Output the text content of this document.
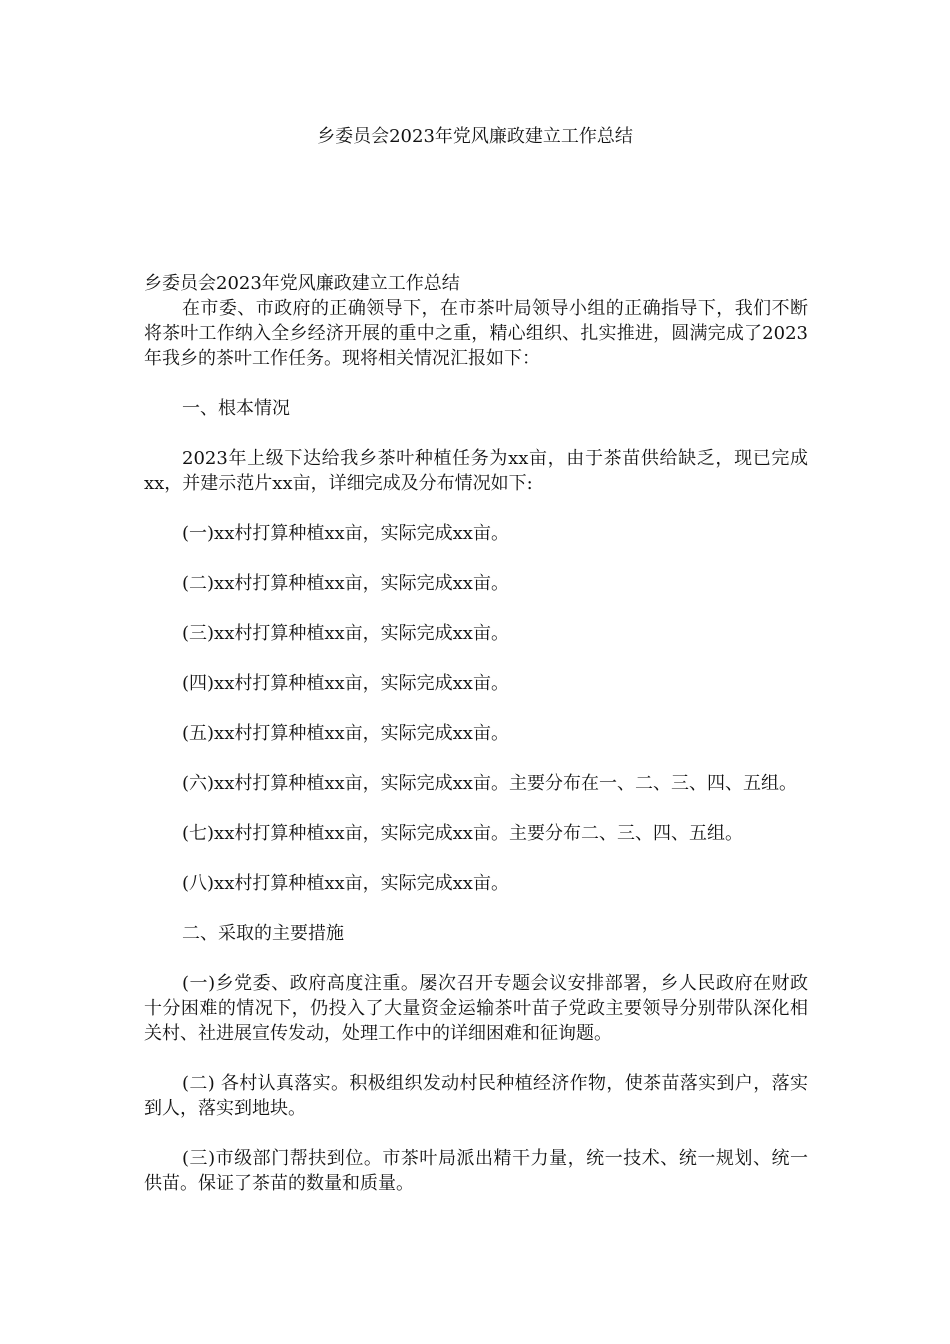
乡委员会2023年党风廉政建立工作总结

乡委员会2023年党风廉政建立工作总结

在市委、市政府的正确领导下，在市茶叶局领导小组的正确指导下，我们不断将茶叶工作纳入全乡经济开展的重中之重，精心组织、扎实推进，圆满完成了2023年我乡的茶叶工作任务。现将相关情况汇报如下：

一、根本情况

2023年上级下达给我乡茶叶种植任务为xx亩，由于茶苗供给缺乏，现已完成xx，并建示范片xx亩，详细完成及分布情况如下:

(一)xx村打算种植xx亩，实际完成xx亩。

(二)xx村打算种植xx亩，实际完成xx亩。

(三)xx村打算种植xx亩，实际完成xx亩。

(四)xx村打算种植xx亩，实际完成xx亩。

(五)xx村打算种植xx亩，实际完成xx亩。

(六)xx村打算种植xx亩，实际完成xx亩。主要分布在一、二、三、四、五组。

(七)xx村打算种植xx亩，实际完成xx亩。主要分布二、三、四、五组。

(八)xx村打算种植xx亩，实际完成xx亩。

二、采取的主要措施

(一)乡党委、政府高度注重。屡次召开专题会议安排部署，乡人民政府在财政十分困难的情况下，仍投入了大量资金运输茶叶苗子党政主要领导分别带队深化相关村、社进展宣传发动，处理工作中的详细困难和征询题。

(二) 各村认真落实。积极组织发动村民种植经济作物，使茶苗落实到户，落实到人，落实到地块。

(三)市级部门帮扶到位。市茶叶局派出精干力量，统一技术、统一规划、统一供苗。保证了茶苗的数量和质量。
